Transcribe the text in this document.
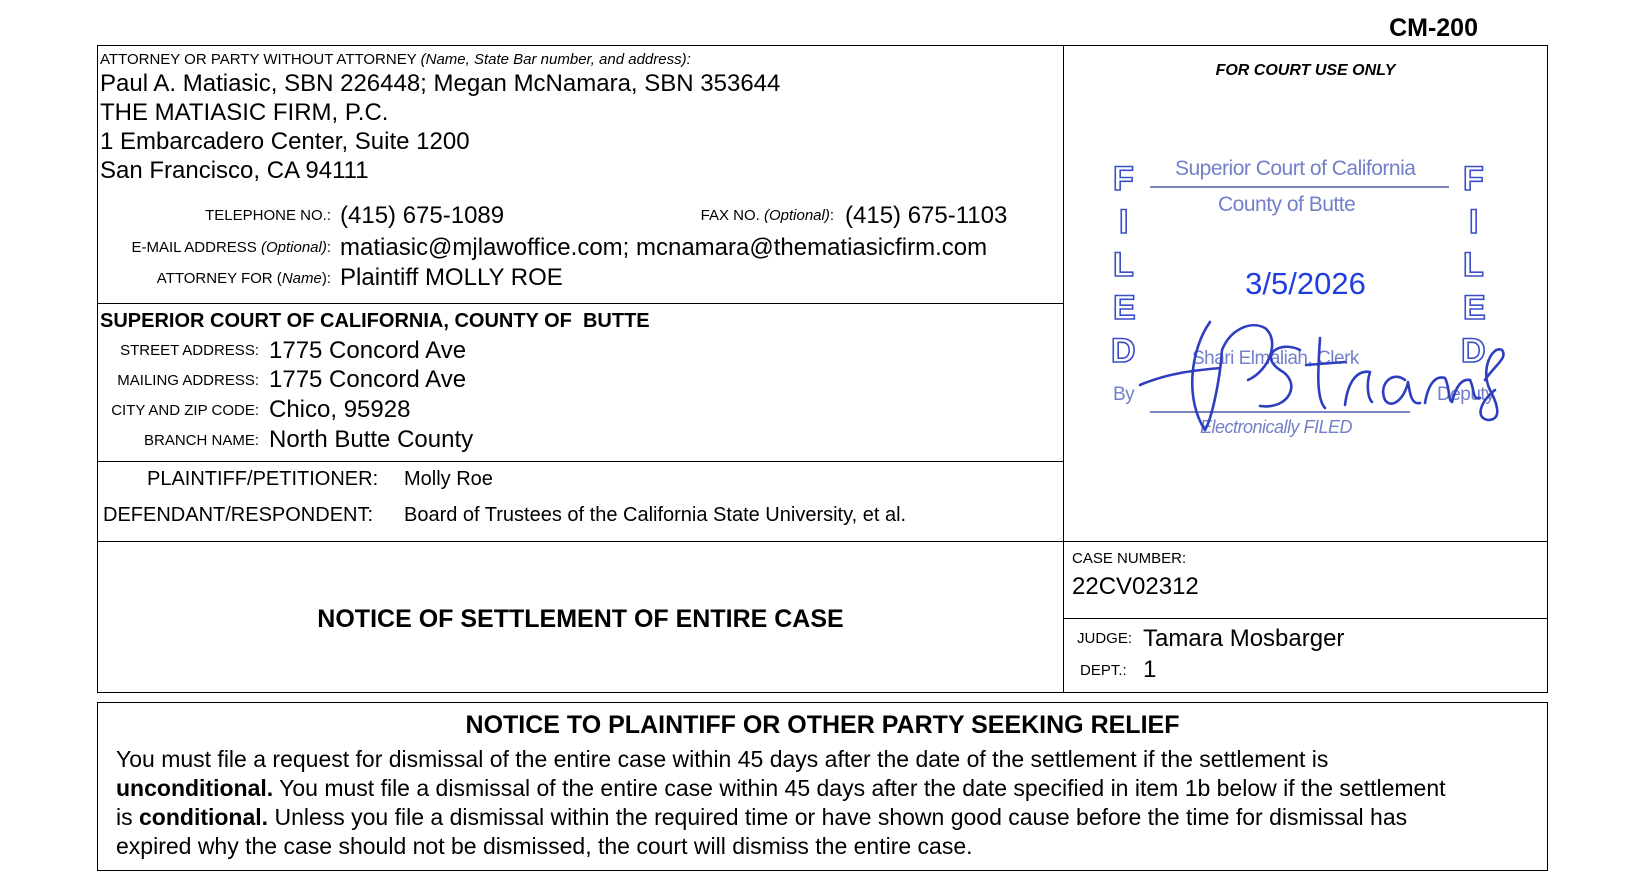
CM-200
ATTORNEY OR PARTY WITHOUT ATTORNEY (Name, State Bar number, and address):
Paul A. Matiasic, SBN 226448; Megan McNamara, SBN 353644
THE MATIASIC FIRM, P.C.
1 Embarcadero Center, Suite 1200
San Francisco, CA 94111
TELEPHONE NO.: (415) 675-1089	FAX NO. (Optional): (415) 675-1103
E-MAIL ADDRESS (Optional): matiasic@mjlawoffice.com; mcnamara@thematiasicfirm.com
ATTORNEY FOR (Name): Plaintiff MOLLY ROE
SUPERIOR COURT OF CALIFORNIA, COUNTY OF  BUTTE
STREET ADDRESS: 1775 Concord Ave
MAILING ADDRESS: 1775 Concord Ave
CITY AND ZIP CODE: Chico, 95928
BRANCH NAME: North Butte County
PLAINTIFF/PETITIONER: Molly Roe
DEFENDANT/RESPONDENT: Board of Trustees of the California State University, et al.
NOTICE OF SETTLEMENT OF ENTIRE CASE
CASE NUMBER:
22CV02312
JUDGE: Tamara Mosbarger
DEPT.: 1
FOR COURT USE ONLY
F
I
L
E
D
F
I
L
E
D
Superior Court of California
County of Butte
3/5/2026
Shari Elmaliah, Clerk
By	Deputy
Electronically FILED
NOTICE TO PLAINTIFF OR OTHER PARTY SEEKING RELIEF
You must file a request for dismissal of the entire case within 45 days after the date of the settlement if the settlement is
unconditional. You must file a dismissal of the entire case within 45 days after the date specified in item 1b below if the settlement
is conditional. Unless you file a dismissal within the required time or have shown good cause before the time for dismissal has
expired why the case should not be dismissed, the court will dismiss the entire case.
